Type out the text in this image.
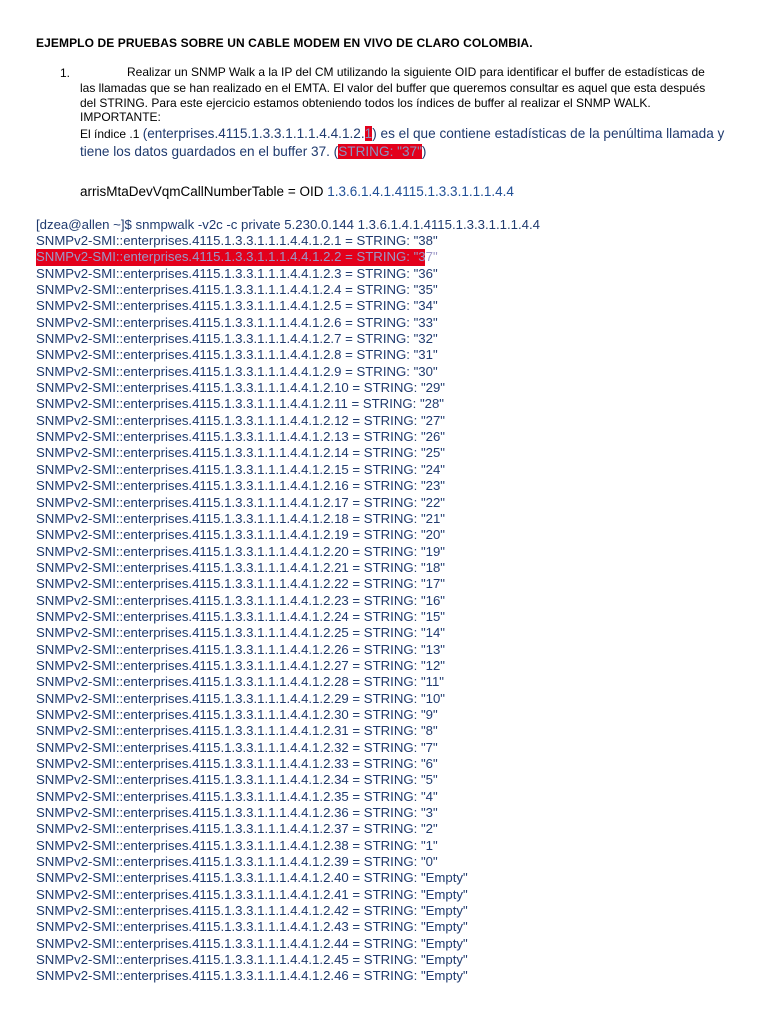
EJEMPLO DE PRUEBAS SOBRE UN CABLE MODEM EN VIVO DE CLARO COLOMBIA.
1.	Realizar un SNMP Walk a la IP del CM utilizando la siguiente OID para identificar el buffer de estadísticas de las llamadas que se han realizado en el EMTA. El valor del buffer que queremos consultar es aquel que esta después del STRING. Para este ejercicio estamos obteniendo todos los índices de buffer al realizar el SNMP WALK.
IMPORTANTE:
El índice .1 (enterprises.4115.1.3.3.1.1.1.4.4.1.2.1) es el que contiene estadísticas de la penúltima llamada y tiene los datos guardados en el buffer 37. (STRING: "37")
arrisMtaDevVqmCallNumberTable = OID 1.3.6.1.4.1.4115.1.3.3.1.1.1.4.4
[dzea@allen ~]$ snmpwalk -v2c -c private 5.230.0.144 1.3.6.1.4.1.4115.1.3.3.1.1.1.4.4
SNMPv2-SMI::enterprises.4115.1.3.3.1.1.1.4.4.1.2.1 = STRING: "38"
SNMPv2-SMI::enterprises.4115.1.3.3.1.1.1.4.4.1.2.2 = STRING: "37"
SNMPv2-SMI::enterprises.4115.1.3.3.1.1.1.4.4.1.2.3 = STRING: "36"
SNMPv2-SMI::enterprises.4115.1.3.3.1.1.1.4.4.1.2.4 = STRING: "35"
SNMPv2-SMI::enterprises.4115.1.3.3.1.1.1.4.4.1.2.5 = STRING: "34"
SNMPv2-SMI::enterprises.4115.1.3.3.1.1.1.4.4.1.2.6 = STRING: "33"
SNMPv2-SMI::enterprises.4115.1.3.3.1.1.1.4.4.1.2.7 = STRING: "32"
SNMPv2-SMI::enterprises.4115.1.3.3.1.1.1.4.4.1.2.8 = STRING: "31"
SNMPv2-SMI::enterprises.4115.1.3.3.1.1.1.4.4.1.2.9 = STRING: "30"
SNMPv2-SMI::enterprises.4115.1.3.3.1.1.1.4.4.1.2.10 = STRING: "29"
SNMPv2-SMI::enterprises.4115.1.3.3.1.1.1.4.4.1.2.11 = STRING: "28"
SNMPv2-SMI::enterprises.4115.1.3.3.1.1.1.4.4.1.2.12 = STRING: "27"
SNMPv2-SMI::enterprises.4115.1.3.3.1.1.1.4.4.1.2.13 = STRING: "26"
SNMPv2-SMI::enterprises.4115.1.3.3.1.1.1.4.4.1.2.14 = STRING: "25"
SNMPv2-SMI::enterprises.4115.1.3.3.1.1.1.4.4.1.2.15 = STRING: "24"
SNMPv2-SMI::enterprises.4115.1.3.3.1.1.1.4.4.1.2.16 = STRING: "23"
SNMPv2-SMI::enterprises.4115.1.3.3.1.1.1.4.4.1.2.17 = STRING: "22"
SNMPv2-SMI::enterprises.4115.1.3.3.1.1.1.4.4.1.2.18 = STRING: "21"
SNMPv2-SMI::enterprises.4115.1.3.3.1.1.1.4.4.1.2.19 = STRING: "20"
SNMPv2-SMI::enterprises.4115.1.3.3.1.1.1.4.4.1.2.20 = STRING: "19"
SNMPv2-SMI::enterprises.4115.1.3.3.1.1.1.4.4.1.2.21 = STRING: "18"
SNMPv2-SMI::enterprises.4115.1.3.3.1.1.1.4.4.1.2.22 = STRING: "17"
SNMPv2-SMI::enterprises.4115.1.3.3.1.1.1.4.4.1.2.23 = STRING: "16"
SNMPv2-SMI::enterprises.4115.1.3.3.1.1.1.4.4.1.2.24 = STRING: "15"
SNMPv2-SMI::enterprises.4115.1.3.3.1.1.1.4.4.1.2.25 = STRING: "14"
SNMPv2-SMI::enterprises.4115.1.3.3.1.1.1.4.4.1.2.26 = STRING: "13"
SNMPv2-SMI::enterprises.4115.1.3.3.1.1.1.4.4.1.2.27 = STRING: "12"
SNMPv2-SMI::enterprises.4115.1.3.3.1.1.1.4.4.1.2.28 = STRING: "11"
SNMPv2-SMI::enterprises.4115.1.3.3.1.1.1.4.4.1.2.29 = STRING: "10"
SNMPv2-SMI::enterprises.4115.1.3.3.1.1.1.4.4.1.2.30 = STRING: "9"
SNMPv2-SMI::enterprises.4115.1.3.3.1.1.1.4.4.1.2.31 = STRING: "8"
SNMPv2-SMI::enterprises.4115.1.3.3.1.1.1.4.4.1.2.32 = STRING: "7"
SNMPv2-SMI::enterprises.4115.1.3.3.1.1.1.4.4.1.2.33 = STRING: "6"
SNMPv2-SMI::enterprises.4115.1.3.3.1.1.1.4.4.1.2.34 = STRING: "5"
SNMPv2-SMI::enterprises.4115.1.3.3.1.1.1.4.4.1.2.35 = STRING: "4"
SNMPv2-SMI::enterprises.4115.1.3.3.1.1.1.4.4.1.2.36 = STRING: "3"
SNMPv2-SMI::enterprises.4115.1.3.3.1.1.1.4.4.1.2.37 = STRING: "2"
SNMPv2-SMI::enterprises.4115.1.3.3.1.1.1.4.4.1.2.38 = STRING: "1"
SNMPv2-SMI::enterprises.4115.1.3.3.1.1.1.4.4.1.2.39 = STRING: "0"
SNMPv2-SMI::enterprises.4115.1.3.3.1.1.1.4.4.1.2.40 = STRING: "Empty"
SNMPv2-SMI::enterprises.4115.1.3.3.1.1.1.4.4.1.2.41 = STRING: "Empty"
SNMPv2-SMI::enterprises.4115.1.3.3.1.1.1.4.4.1.2.42 = STRING: "Empty"
SNMPv2-SMI::enterprises.4115.1.3.3.1.1.1.4.4.1.2.43 = STRING: "Empty"
SNMPv2-SMI::enterprises.4115.1.3.3.1.1.1.4.4.1.2.44 = STRING: "Empty"
SNMPv2-SMI::enterprises.4115.1.3.3.1.1.1.4.4.1.2.45 = STRING: "Empty"
SNMPv2-SMI::enterprises.4115.1.3.3.1.1.1.4.4.1.2.46 = STRING: "Empty"
